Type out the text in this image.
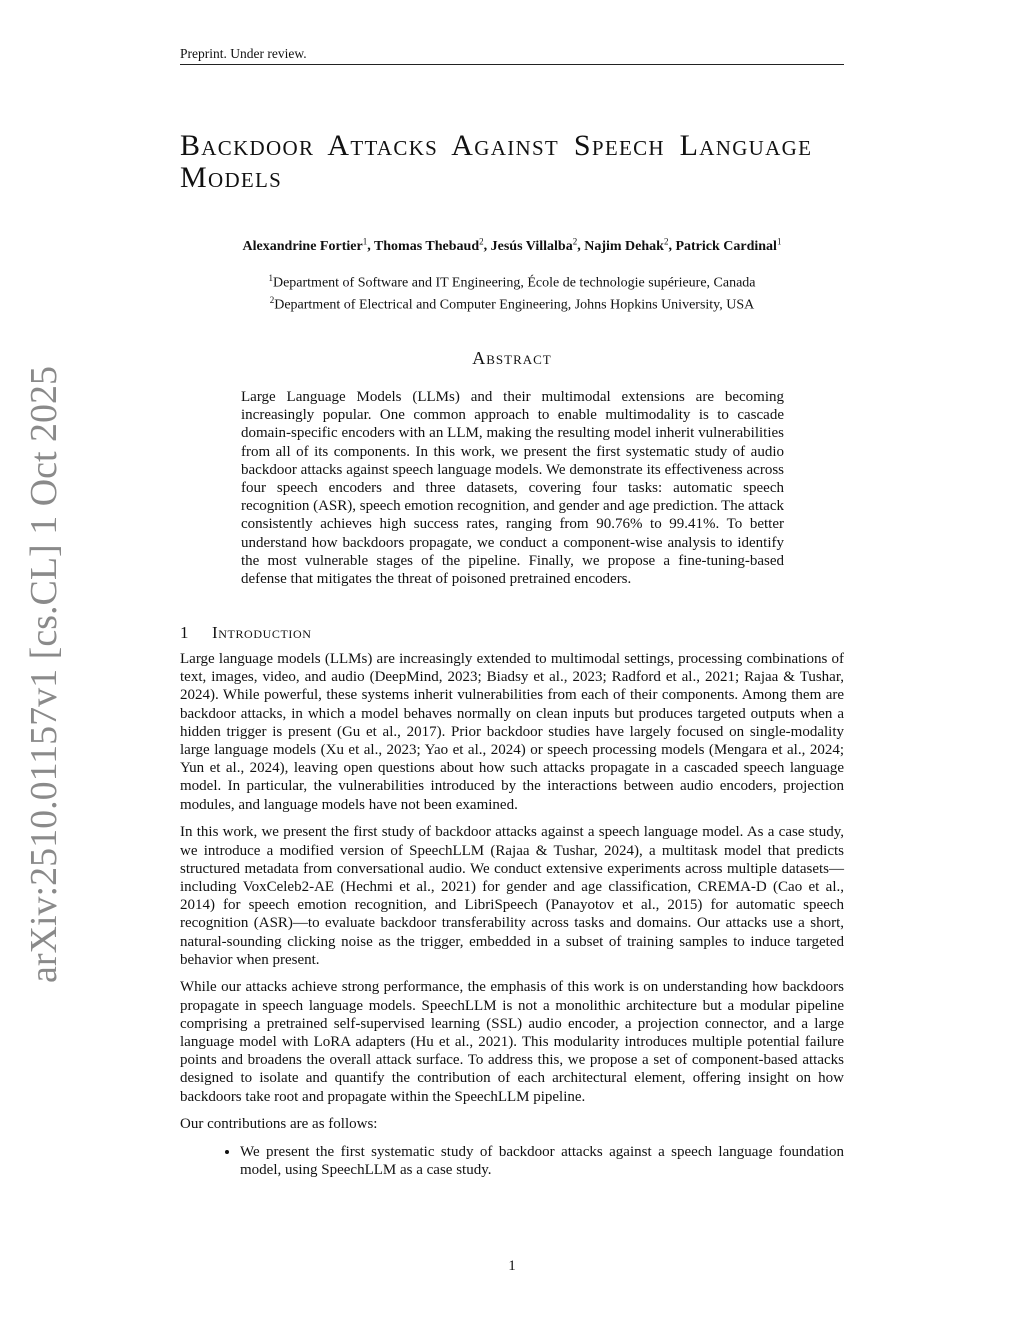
Preprint. Under review.
arXiv:2510.01157v1 [cs.CL] 1 Oct 2025
Backdoor Attacks Against Speech Language Models
Alexandrine Fortier$^1$, Thomas Thebaud$^2$, Jesús Villalba$^2$, Najim Dehak$^2$, Patrick Cardinal$^1$
$^1$Department of Software and IT Engineering, École de technologie supérieure, Canada
$^2$Department of Electrical and Computer Engineering, Johns Hopkins University, USA
Abstract
Large Language Models (LLMs) and their multimodal extensions are becoming increasingly popular. One common approach to enable multimodality is to cascade domain-specific encoders with an LLM, making the resulting model inherit vulnerabilities from all of its components. In this work, we present the first systematic study of audio backdoor attacks against speech language models. We demonstrate its effectiveness across four speech encoders and three datasets, covering four tasks: automatic speech recognition (ASR), speech emotion recognition, and gender and age prediction. The attack consistently achieves high success rates, ranging from 90.76% to 99.41%. To better understand how backdoors propagate, we conduct a component-wise analysis to identify the most vulnerable stages of the pipeline. Finally, we propose a fine-tuning-based defense that mitigates the threat of poisoned pretrained encoders.
1 Introduction

Large language models (LLMs) are increasingly extended to multimodal settings, processing combinations of text, images, video, and audio (DeepMind, 2023; Biadsy et al., 2023; Radford et al., 2021; Rajaa & Tushar, 2024). While powerful, these systems inherit vulnerabilities from each of their components. Among them are backdoor attacks, in which a model behaves normally on clean inputs but produces targeted outputs when a hidden trigger is present (Gu et al., 2017). Prior backdoor studies have largely focused on single-modality large language models (Xu et al., 2023; Yao et al., 2024) or speech processing models (Mengara et al., 2024; Yun et al., 2024), leaving open questions about how such attacks propagate in a cascaded speech language model. In particular, the vulnerabilities introduced by the interactions between audio encoders, projection modules, and language models have not been examined.

In this work, we present the first study of backdoor attacks against a speech language model. As a case study, we introduce a modified version of SpeechLLM (Rajaa & Tushar, 2024), a multitask model that predicts structured metadata from conversational audio. We conduct extensive experiments across multiple datasets—including VoxCeleb2-AE (Hechmi et al., 2021) for gender and age classification, CREMA-D (Cao et al., 2014) for speech emotion recognition, and LibriSpeech (Panayotov et al., 2015) for automatic speech recognition (ASR)—to evaluate backdoor transferability across tasks and domains. Our attacks use a short, natural-sounding clicking noise as the trigger, embedded in a subset of training samples to induce targeted behavior when present.

While our attacks achieve strong performance, the emphasis of this work is on understanding how backdoors propagate in speech language models. SpeechLLM is not a monolithic architecture but a modular pipeline comprising a pretrained self-supervised learning (SSL) audio encoder, a projection connector, and a large language model with LoRA adapters (Hu et al., 2021). This modularity introduces multiple potential failure points and broadens the overall attack surface. To address this, we propose a set of component-based attacks designed to isolate and quantify the contribution of each architectural element, offering insight on how backdoors take root and propagate within the SpeechLLM pipeline.

Our contributions are as follows:

• We present the first systematic study of backdoor attacks against a speech language foundation model, using SpeechLLM as a case study.
1
